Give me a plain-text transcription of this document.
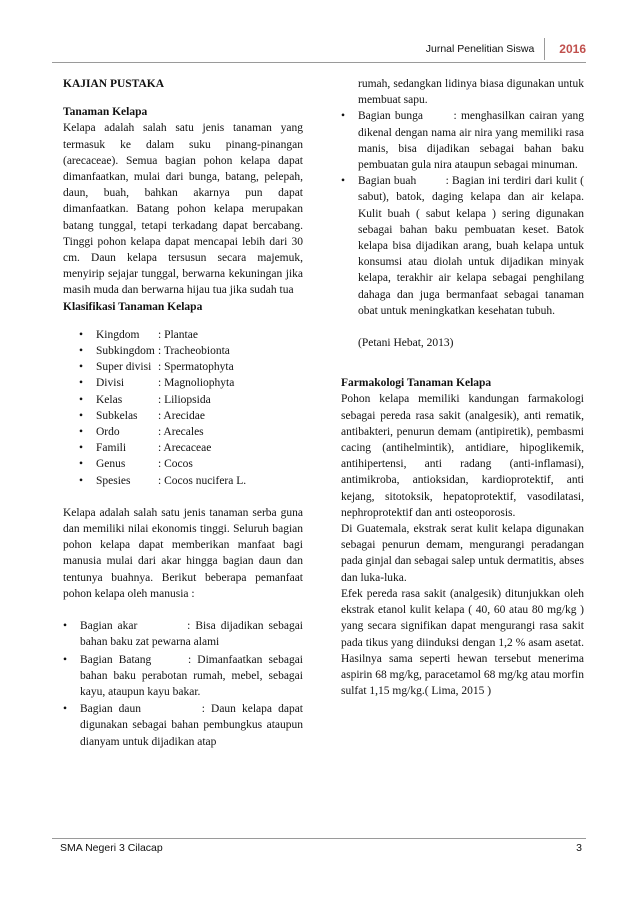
Jurnal Penelitian Siswa	2016

KAJIAN PUSTAKA

Tanaman Kelapa

Kelapa adalah salah satu jenis tanaman yang termasuk ke dalam suku pinang-pinangan (arecaceae). Semua bagian pohon kelapa dapat dimanfaatkan, mulai dari bunga, batang, pelepah, daun, buah, bahkan akarnya pun dapat dimanfaatkan. Batang pohon kelapa merupakan batang tunggal, tetapi terkadang dapat bercabang. Tinggi pohon kelapa dapat mencapai lebih dari 30 cm. Daun kelapa tersusun secara majemuk, menyirip sejajar tunggal, berwarna kekuningan jika masih muda dan berwarna hijau tua jika sudah tua

Klasifikasi Tanaman Kelapa

•	Kingdom	: Plantae
•	Subkingdom : Tracheobionta
•	Super divisi : Spermatophyta
•	Divisi	: Magnoliophyta
•	Kelas	: Liliopsida
•	Subkelas	: Arecidae
•	Ordo	: Arecales
•	Famili	: Arecaceae
•	Genus	: Cocos
•	Spesies	: Cocos nucifera L.

Kelapa adalah salah satu jenis tanaman serba guna dan memiliki nilai ekonomis tinggi. Seluruh bagian pohon kelapa dapat memberikan manfaat bagi manusia mulai dari akar hingga bagian daun dan tentunya buahnya. Berikut beberapa pemanfaat pohon kelapa oleh manusia :

•	Bagian akar          : Bisa dijadikan sebagai bahan baku zat pewarna alami
•	Bagian Batang      : Dimanfaatkan sebagai bahan baku perabotan rumah, mebel, sebagai kayu, ataupun kayu bakar.
•	Bagian daun          : Daun kelapa dapat digunakan sebagai bahan pembungkus ataupun dianyam untuk dijadikan atap

rumah, sedangkan lidinya biasa digunakan untuk membuat sapu.

•	Bagian bunga       : menghasilkan cairan yang dikenal dengan nama air nira yang memiliki rasa manis, bisa dijadikan sebagai bahan baku pembuatan gula nira ataupun sebagai minuman.
•	Bagian buah         : Bagian ini terdiri dari kulit ( sabut), batok, daging kelapa dan air kelapa. Kulit buah ( sabut kelapa ) sering digunakan sebagai bahan baku pembuatan keset. Batok kelapa bisa dijadikan arang, buah kelapa untuk konsumsi atau diolah untuk dijadikan minyak kelapa, terakhir air kelapa sebagai penghilang dahaga dan juga bermanfaat sebagai tanaman obat untuk meningkatkan kesehatan tubuh.

(Petani Hebat, 2013)

Farmakologi Tanaman Kelapa

Pohon kelapa memiliki kandungan farmakologi sebagai pereda rasa sakit (analgesik), anti rematik, antibakteri, penurun demam (antipiretik), pembasmi cacing (antihelmintik), antidiare, hipoglikemik, antihipertensi, anti radang (anti-inflamasi), antimikroba, antioksidan, kardioprotektif, anti kejang, sitotoksik, hepatoprotektif, vasodilatasi, nephroprotektif dan anti osteoporosis.

Di Guatemala, ekstrak serat kulit kelapa digunakan sebagai penurun demam, mengurangi peradangan pada ginjal dan sebagai salep untuk dermatitis, abses dan luka-luka.

Efek pereda rasa sakit (analgesik) ditunjukkan oleh ekstrak etanol kulit kelapa ( 40, 60 atau 80 mg/kg ) yang secara signifikan dapat mengurangi rasa sakit pada tikus yang diinduksi dengan 1,2 % asam asetat. Hasilnya sama seperti hewan tersebut menerima aspirin 68 mg/kg, paracetamol 68 mg/kg atau morfin sulfat 1,15 mg/kg.( Lima, 2015 )

SMA Negeri 3 Cilacap	3
